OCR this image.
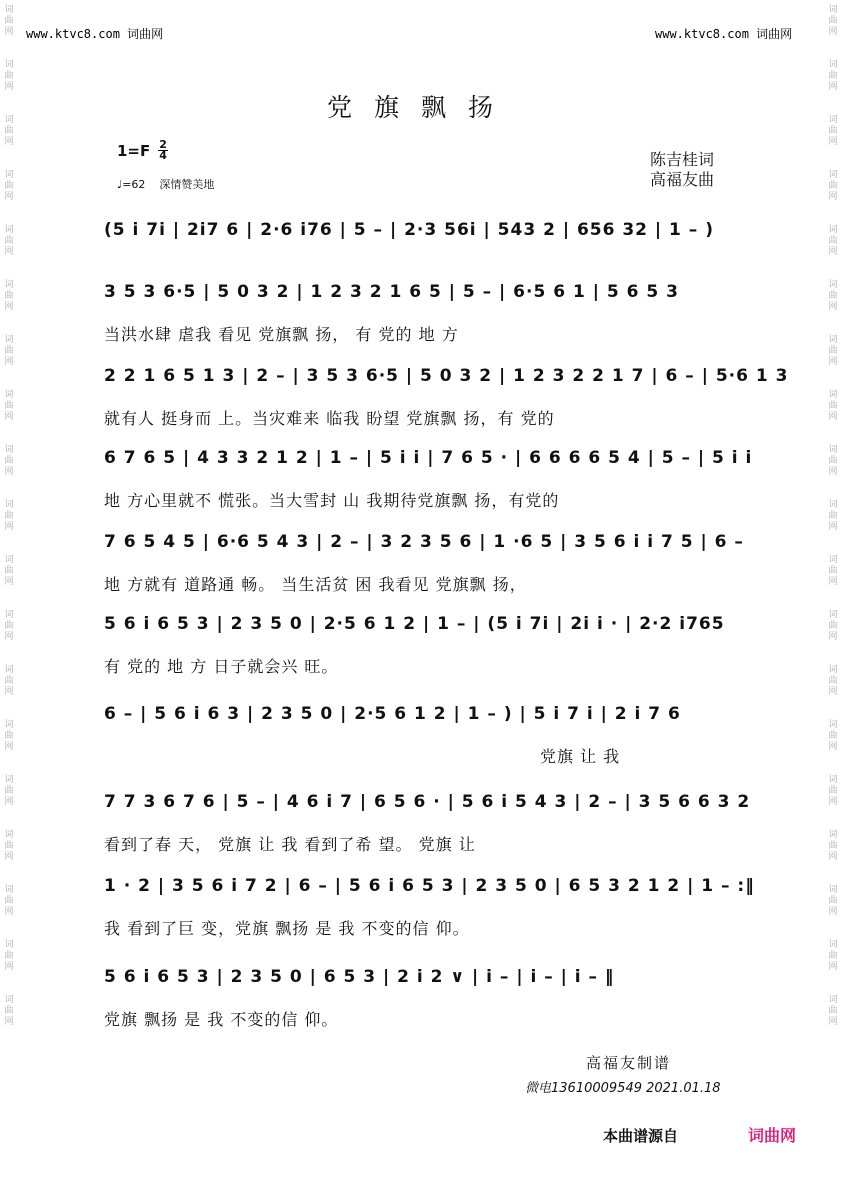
词
曲
网
词
曲
网
词
曲
网
词
曲
网
词
曲
网
词
曲
网
词
曲
网
词
曲
网
词
曲
网
词
曲
网
词
曲
网
词
曲
网
词
曲
网
词
曲
网
词
曲
网
词
曲
网
词
曲
网
词
曲
网
词
曲
网
词
曲
网
词
曲
网
词
曲
网
词
曲
网
词
曲
网
词
曲
网
词
曲
网
词
曲
网
词
曲
网
词
曲
网
词
曲
网
词
曲
网
词
曲
网
词
曲
网
词
曲
网
词
曲
网
词
曲
网
词
曲
网
词
曲
网
www.ktvc8.com 词曲网	www.ktvc8.com 词曲网
党旗飘扬
$1=F \frac{2}{4}$
♩=62 深情赞美地
陈吉桂词
高福友曲
(5 i 7i | 2i7 6 | 2·6 i76 | 5 – | 2·3 56i | 543 2 | 656 32 | 1 – )
3 5 3 6·5 | 5 0 3 2 | 1 2 3 2 1 6 5 | 5 – | 6·5 6 1 | 5 6 5 3
当洪水肆 虐我 看见 党旗飘 扬， 有 党的 地 方
2 2 1 6 5 1 3 | 2 – | 3 5 3 6·5 | 5 0 3 2 | 1 2 3 2 2 1 7 | 6 – | 5·6 1 3
就有人 挺身而 上。当灾难来 临我 盼望 党旗飘 扬，有 党的
6 7 6 5 | 4 3 3 2 1 2 | 1 – | 5 i i | 7 6 5 · | 6 6 6 6 5 4 | 5 – | 5 i i
地 方心里就不 慌张。当大雪封 山 我期待党旗飘 扬，有党的
7 6 5 4 5 | 6·6 5 4 3 | 2 – | 3 2 3 5 6 | 1 ·6 5 | 3 5 6 i i 7 5 | 6 –
地 方就有 道路通 畅。 当生活贫 困 我看见 党旗飘 扬，
5 6 i 6 5 3 | 2 3 5 0 | 2·5 6 1 2 | 1 – | (5 i 7i | 2i i · | 2·2 i765
有 党的 地 方 日子就会兴 旺。
6 – | 5 6 i 6 3 | 2 3 5 0 | 2·5 6 1 2 | 1 – ) | 5 i 7 i | 2 i 7 6
党旗 让 我
7 7 3 6 7 6 | 5 – | 4 6 i 7 | 6 5 6 · | 5 6 i 5 4 3 | 2 – | 3 5 6 6 3 2
看到了春 天， 党旗 让 我 看到了希 望。 党旗 让
1 · 2 | 3 5 6 i 7 2 | 6 – | 5 6 i 6 5 3 | 2 3 5 0 | 6 5 3 2 1 2 | 1 – :‖
我 看到了巨 变，党旗 飘扬 是 我 不变的信 仰。
5 6 i 6 5 3 | 2 3 5 0 | 6 5 3 | 2 i 2 ∨ | i – | i – | i – ‖
党旗 飘扬 是 我 不变的信 仰。
高福友制谱
微电13610009549 2021.01.18
本曲谱源自	词曲网
